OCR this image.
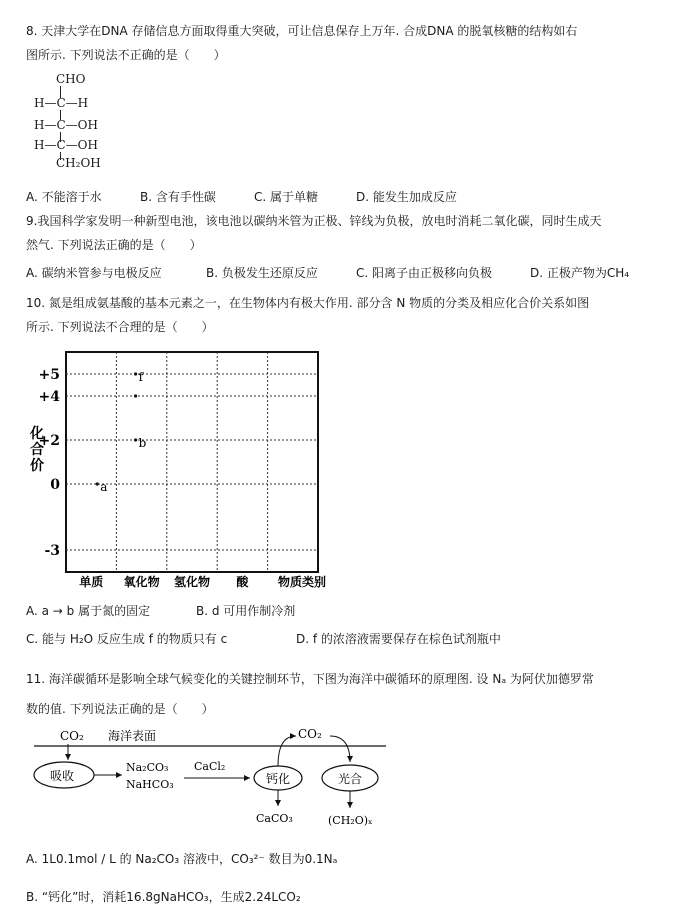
8. 天津大学在DNA 存储信息方面取得重大突破，可让信息保存上万年. 合成DNA 的脱氧核糖的结构如右
图所示. 下列说法不正确的是（　　）
CHO
H—C—H
H—C—OH
H—C—OH
CH₂OH
A. 不能溶于水	B. 含有手性碳	C. 属于单糖	D. 能发生加成反应
9.我国科学家发明一种新型电池，该电池以碳纳米管为正极、锌线为负极，放电时消耗二氧化碳，同时生成天
然气. 下列说法正确的是（　　）
A. 碳纳米管参与电极反应	B. 负极发生还原反应	C. 阳离子由正极移向负极	D. 正极产物为CH₄
10. 氮是组成氨基酸的基本元素之一，在生物体内有极大作用. 部分含 N 物质的分类及相应化合价关系如图
所示. 下列说法不合理的是（　　）
+5
+4
+2
0
-3
a
b
f
单质 氧化物 氢化物 酸
化
合
价
物质类别
A. a → b 属于氮的固定	B. d 可用作制冷剂
C. 能与 H₂O 反应生成 f 的物质只有 c	D. f 的浓溶液需要保存在棕色试剂瓶中
11. 海洋碳循环是影响全球气候变化的关键控制环节，下图为海洋中碳循环的原理图. 设 Nₐ 为阿伏加德罗常
数的值. 下列说法正确的是（　　）
CO₂ 海洋表面
吸收
Na₂CO₃
NaHCO₃
CaCl₂
钙化
CO₂
光合
CaCO₃	(CH₂O)ₓ
A. 1L0.1mol / L 的 Na₂CO₃ 溶液中，CO₃²⁻ 数目为0.1Nₐ
B. “钙化”时，消耗16.8gNaHCO₃，生成2.24LCO₂
